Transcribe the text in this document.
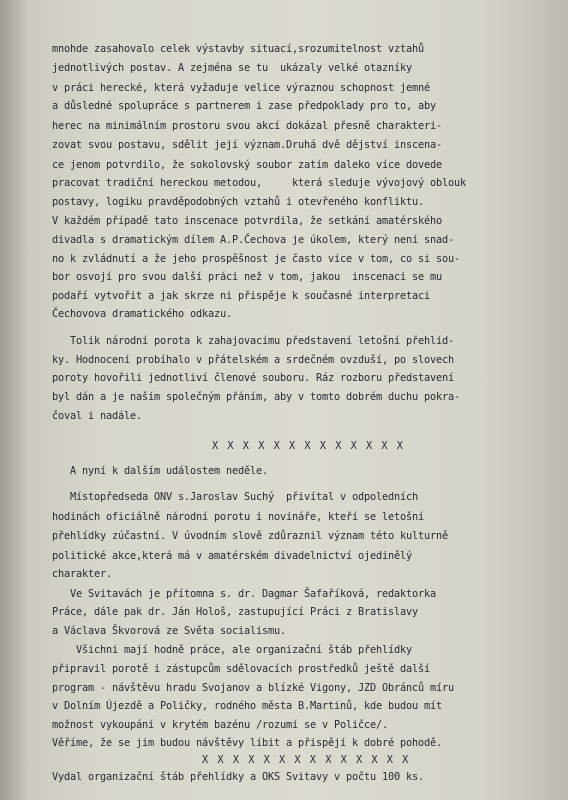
mnohde zasahovalo celek výstavby situací,srozumitelnost vztahů
jednotlivých postav. A zejména se tu  ukázaly velké otazníky
v práci herecké, která vyžaduje velice výraznou schopnost jemné
a důsledné spolupráce s partnerem i zase předpoklady pro to, aby
herec na minimálním prostoru svou akcí dokázal přesně charakteri-
zovat svou postavu, sdělit její význam.Druhá dvě dějství inscena-
ce jenom potvrdilo, že sokolovský soubor zatím daleko více dovede
pracovat tradiční hereckou metodou,     která sleduje vývojový oblouk
postavy, logiku pravděpodobných vztahů i otevřeného konfliktu.
V každém případě tato inscenace potvrdila, že setkání amatérského
divadla s dramatickým dílem A.P.Čechova je úkolem, který není snad-
no k zvládnutí a že jeho prospěšnost je často více v tom, co si sou-
bor osvojí pro svou další práci než v tom, jakou  inscenaci se mu
podaří vytvořit a jak skrze ni přispěje k současné interpretaci
Čechovova dramatického odkazu.
Tolik národní porota k zahajovacímu představení letošní přehlíd-
ky. Hodnocení probíhalo v přátelském a srdečném ovzduší, po slovech
poroty hovořili jednotliví členové souboru. Ráz rozboru představení
byl dán a je naším společným přáním, aby v tomto dobrém duchu pokra-
čoval i nadále.
X X X X X X X X X X X X X
A nyní k dalším událostem neděle.
Místopředseda ONV s.Jaroslav Suchý  přivítal v odpoledních
hodinách oficiálně národní porotu i novináře, kteří se letošní
přehlídky zúčastní. V úvodním slově zdůraznil význam této kulturně
politické akce,která má v amatérském divadelnictví ojedinělý
charakter.
Ve Svitavách je přítomna s. dr. Dagmar Šafaříková, redaktorka
Práce, dále pak dr. Ján Hološ, zastupující Práci z Bratislavy
a Václava Škvorová ze Světa socialismu.
Všichni mají hodně práce, ale organizační štáb přehlídky
připravil porotě i zástupcům sdělovacích prostředků ještě další
program - návštěvu hradu Svojanov a blízké Vigony, JZD Obránců míru
v Dolním Újezdě a Poličky, rodného města B.Martinů, kde budou mít
možnost vykoupání v krytém bazénu /rozumí se v Poličce/.
Věříme, že se jim budou návštěvy líbit a přispějí k dobré pohodě.
Vydal organizační štáb přehlídky a OKS Svitavy v počtu 100 ks.
X X X X X X X X X X X X X X
